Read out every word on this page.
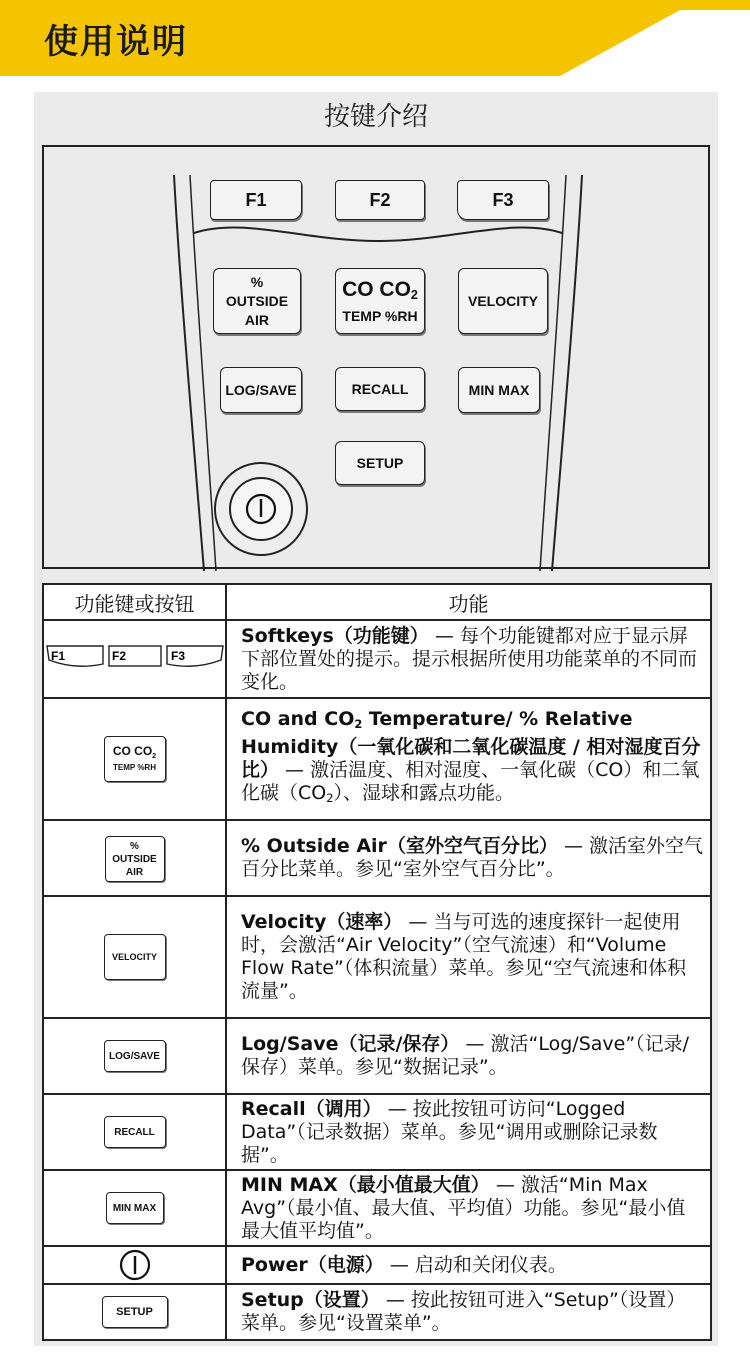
使用说明
按键介绍
F1	F2	F3
%
OUTSIDE
AIR
CO $CO_2$
TEMP %RH
VELOCITY
LOG/SAVE	RECALL	MIN MAX
SETUP
功能键或按钮	功能

F1 F2 F3	Softkeys（功能键） — 每个功能键都对应于显示屏下部位置处的提示。提示根据所使用功能菜单的不同而变化。

CO $CO_2$
TEMP %RH	CO and $CO_2$ Temperature/ % Relative Humidity（一氧化碳和二氧化碳温度 / 相对湿度百分比） — 激活温度、相对湿度、一氧化碳（CO）和二氧化碳$(CO_2)$、湿球和露点功能。

%
OUTSIDE
AIR	% Outside Air（室外空气百分比） — 激活室外空气百分比菜单。参见“室外空气百分比”。
VELOCITY	Velocity（速率） — 当与可选的速度探针一起使用时，会激活“Air Velocity”（空气流速）和“Volume Flow Rate”（体积流量）菜单。参见“空气流速和体积流量”。
LOG/SAVE	Log/Save（记录/保存） — 激活“Log/Save”（记录/保存）菜单。参见“数据记录”。
RECALL	Recall（调用） — 按此按钮可访问“Logged Data”（记录数据）菜单。参见“调用或删除记录数据”。
MIN MAX	MIN MAX（最小值最大值） — 激活“Min Max Avg”（最小值、最大值、平均值）功能。参见“最小值最大值平均值”。
	Power（电源） — 启动和关闭仪表。
SETUP	Setup（设置） — 按此按钮可进入“Setup”（设置）菜单。参见“设置菜单”。
